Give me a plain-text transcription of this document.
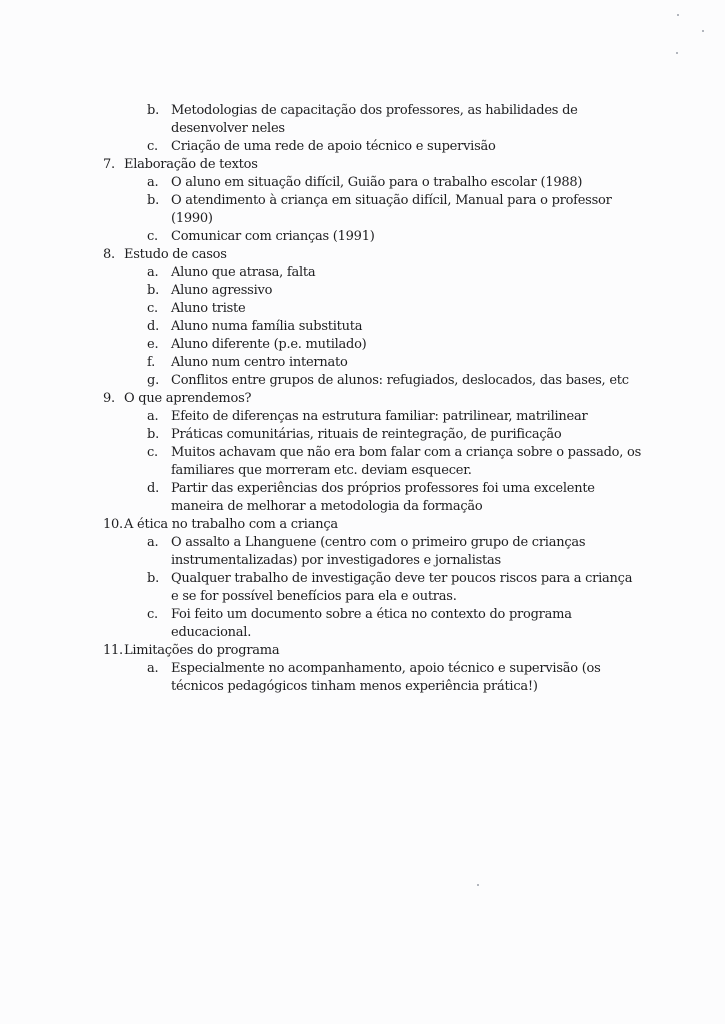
b. Metodologias de capacitação dos professores, as habilidades de desenvolver neles
c. Criação de uma rede de apoio técnico e supervisão
7. Elaboração de textos
a. O aluno em situação difícil, Guião para o trabalho escolar (1988)
b. O atendimento à criança em situação difícil, Manual para o professor (1990)
c. Comunicar com crianças (1991)
8. Estudo de casos
a. Aluno que atrasa, falta
b. Aluno agressivo
c. Aluno triste
d. Aluno numa família substituta
e. Aluno diferente (p.e. mutilado)
f. Aluno num centro internato
g. Conflitos entre grupos de alunos: refugiados, deslocados, das bases, etc
9. O que aprendemos?
a. Efeito de diferenças na estrutura familiar: patrilinear, matrilinear
b. Práticas comunitárias, rituais de reintegração, de purificação
c. Muitos achavam que não era bom falar com a criança sobre o passado, os familiares que morreram etc. deviam esquecer.
d. Partir das experiências dos próprios professores foi uma excelente maneira de melhorar a metodologia da formação
10. A ética no trabalho com a criança
a. O assalto a Lhanguene (centro com o primeiro grupo de crianças instrumentalizadas) por investigadores e jornalistas
b. Qualquer trabalho de investigação deve ter poucos riscos para a criança e se for possível benefícios para ela e outras.
c. Foi feito um documento sobre a ética no contexto do programa educacional.
11. Limitações do programa
a. Especialmente no acompanhamento, apoio técnico e supervisão (os técnicos pedagógicos tinham menos experiência prática!)
